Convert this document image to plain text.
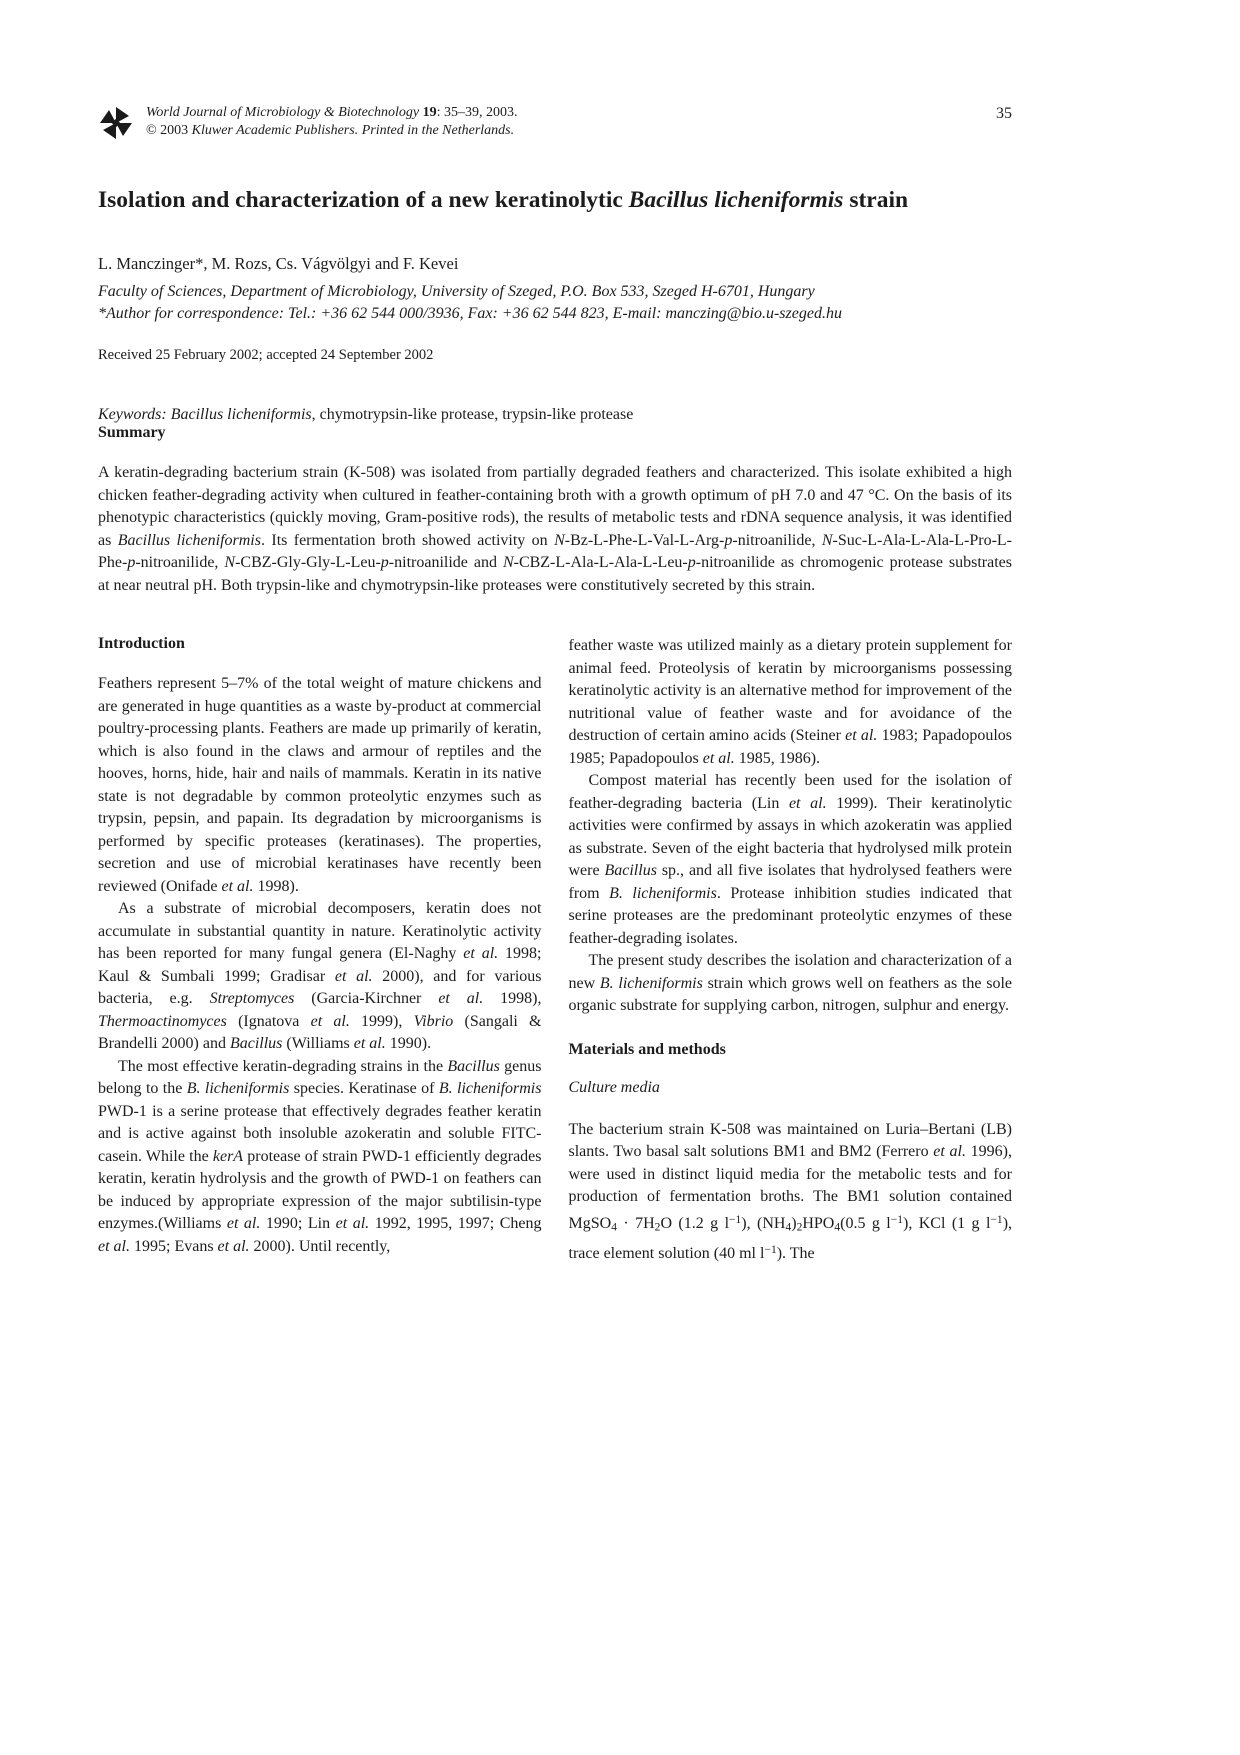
World Journal of Microbiology & Biotechnology 19: 35–39, 2003.
© 2003 Kluwer Academic Publishers. Printed in the Netherlands.
35
Isolation and characterization of a new keratinolytic Bacillus licheniformis strain
L. Manczinger*, M. Rozs, Cs. Vágvölgyi and F. Kevei
Faculty of Sciences, Department of Microbiology, University of Szeged, P.O. Box 533, Szeged H-6701, Hungary
*Author for correspondence: Tel.: +36 62 544 000/3936, Fax: +36 62 544 823, E-mail: manczing@bio.u-szeged.hu
Received 25 February 2002; accepted 24 September 2002
Keywords: Bacillus licheniformis, chymotrypsin-like protease, trypsin-like protease
Summary

A keratin-degrading bacterium strain (K-508) was isolated from partially degraded feathers and characterized. This isolate exhibited a high chicken feather-degrading activity when cultured in feather-containing broth with a growth optimum of pH 7.0 and 47 °C. On the basis of its phenotypic characteristics (quickly moving, Gram-positive rods), the results of metabolic tests and rDNA sequence analysis, it was identified as Bacillus licheniformis. Its fermentation broth showed activity on N-Bz-L-Phe-L-Val-L-Arg-p-nitroanilide, N-Suc-L-Ala-L-Ala-L-Pro-L-Phe-p-nitroanilide, N-CBZ-Gly-Gly-L-Leu-p-nitroanilide and N-CBZ-L-Ala-L-Ala-L-Leu-p-nitroanilide as chromogenic protease substrates at near neutral pH. Both trypsin-like and chymotrypsin-like proteases were constitutively secreted by this strain.

Introduction

Feathers represent 5–7% of the total weight of mature chickens and are generated in huge quantities as a waste by-product at commercial poultry-processing plants. Feathers are made up primarily of keratin, which is also found in the claws and armour of reptiles and the hooves, horns, hide, hair and nails of mammals. Keratin in its native state is not degradable by common proteolytic enzymes such as trypsin, pepsin, and papain. Its degradation by microorganisms is performed by specific proteases (keratinases). The properties, secretion and use of microbial keratinases have recently been reviewed (Onifade et al. 1998).

As a substrate of microbial decomposers, keratin does not accumulate in substantial quantity in nature. Keratinolytic activity has been reported for many fungal genera (El-Naghy et al. 1998; Kaul & Sumbali 1999; Gradisar et al. 2000), and for various bacteria, e.g. Streptomyces (Garcia-Kirchner et al. 1998), Thermoactinomyces (Ignatova et al. 1999), Vibrio (Sangali & Brandelli 2000) and Bacillus (Williams et al. 1990).

The most effective keratin-degrading strains in the Bacillus genus belong to the B. licheniformis species. Keratinase of B. licheniformis PWD-1 is a serine protease that effectively degrades feather keratin and is active against both insoluble azokeratin and soluble FITC-casein. While the kerA protease of strain PWD-1 efficiently degrades keratin, keratin hydrolysis and the growth of PWD-1 on feathers can be induced by appropriate expression of the major subtilisin-type enzymes.(Williams et al. 1990; Lin et al. 1992, 1995, 1997; Cheng et al. 1995; Evans et al. 2000). Until recently,

feather waste was utilized mainly as a dietary protein supplement for animal feed. Proteolysis of keratin by microorganisms possessing keratinolytic activity is an alternative method for improvement of the nutritional value of feather waste and for avoidance of the destruction of certain amino acids (Steiner et al. 1983; Papadopoulos 1985; Papadopoulos et al. 1985, 1986).

Compost material has recently been used for the isolation of feather-degrading bacteria (Lin et al. 1999). Their keratinolytic activities were confirmed by assays in which azokeratin was applied as substrate. Seven of the eight bacteria that hydrolysed milk protein were Bacillus sp., and all five isolates that hydrolysed feathers were from B. licheniformis. Protease inhibition studies indicated that serine proteases are the predominant proteolytic enzymes of these feather-degrading isolates.

The present study describes the isolation and characterization of a new B. licheniformis strain which grows well on feathers as the sole organic substrate for supplying carbon, nitrogen, sulphur and energy.

Materials and methods
Culture media

The bacterium strain K-508 was maintained on Luria–Bertani (LB) slants. Two basal salt solutions BM1 and BM2 (Ferrero et al. 1996), were used in distinct liquid media for the metabolic tests and for production of fermentation broths. The BM1 solution contained MgSO4 · 7H2O (1.2 g $l^{-1}$), (NH4)2HPO4(0.5 g $l^{-1}$), KCl (1 g $l^{-1}$), trace element solution (40 ml $l^{-1}$). The
